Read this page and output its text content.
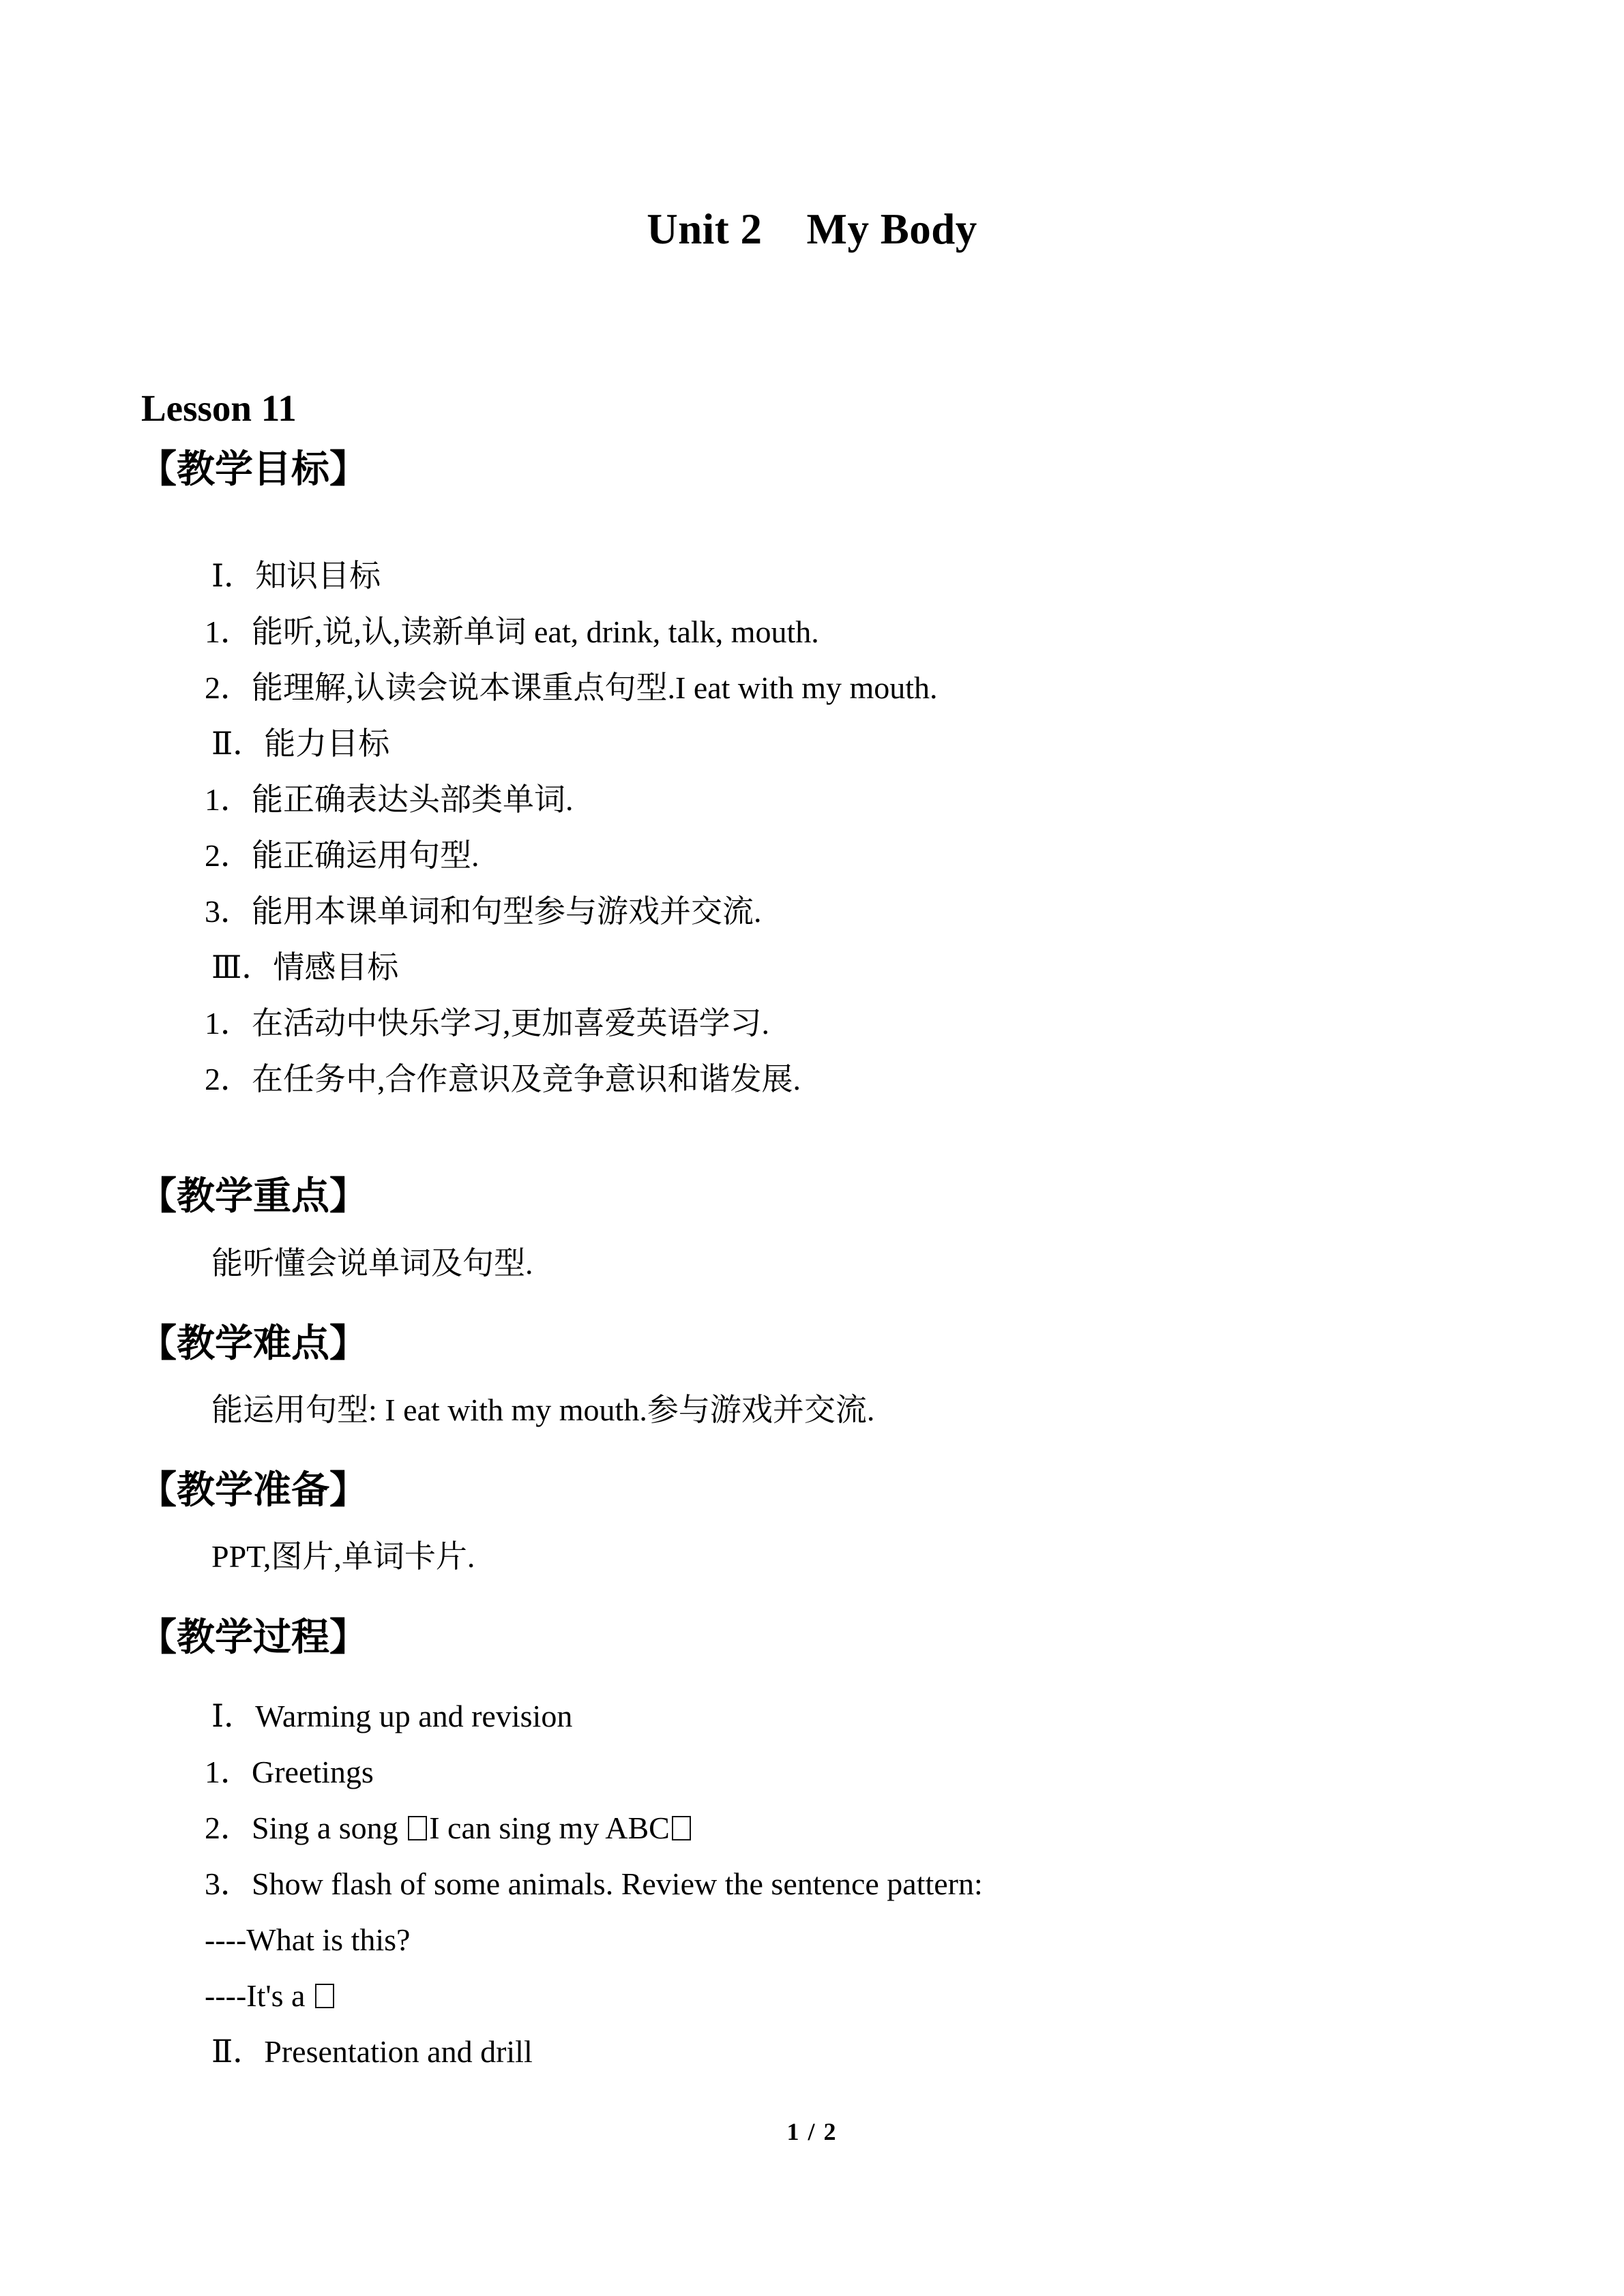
Unit 2    My Body
Lesson 11
【教学目标】
Ⅰ．知识目标
1．能听,说,认,读新单词 eat, drink, talk, mouth.
2．能理解,认读会说本课重点句型.I eat with my mouth.
Ⅱ．能力目标
1．能正确表达头部类单词.
2．能正确运用句型.
3．能用本课单词和句型参与游戏并交流.
Ⅲ．情感目标
1．在活动中快乐学习,更加喜爱英语学习.
2．在任务中,合作意识及竞争意识和谐发展.
【教学重点】
能听懂会说单词及句型.
【教学难点】
能运用句型: I eat with my mouth.参与游戏并交流.
【教学准备】
PPT,图片,单词卡片.
【教学过程】
Ⅰ．Warming up and revision
1．Greetings
2．Sing a song I can sing my ABC
3．Show flash of some animals. Review the sentence pattern:
----What is this?
----It's a
Ⅱ．Presentation and drill
1 / 2
